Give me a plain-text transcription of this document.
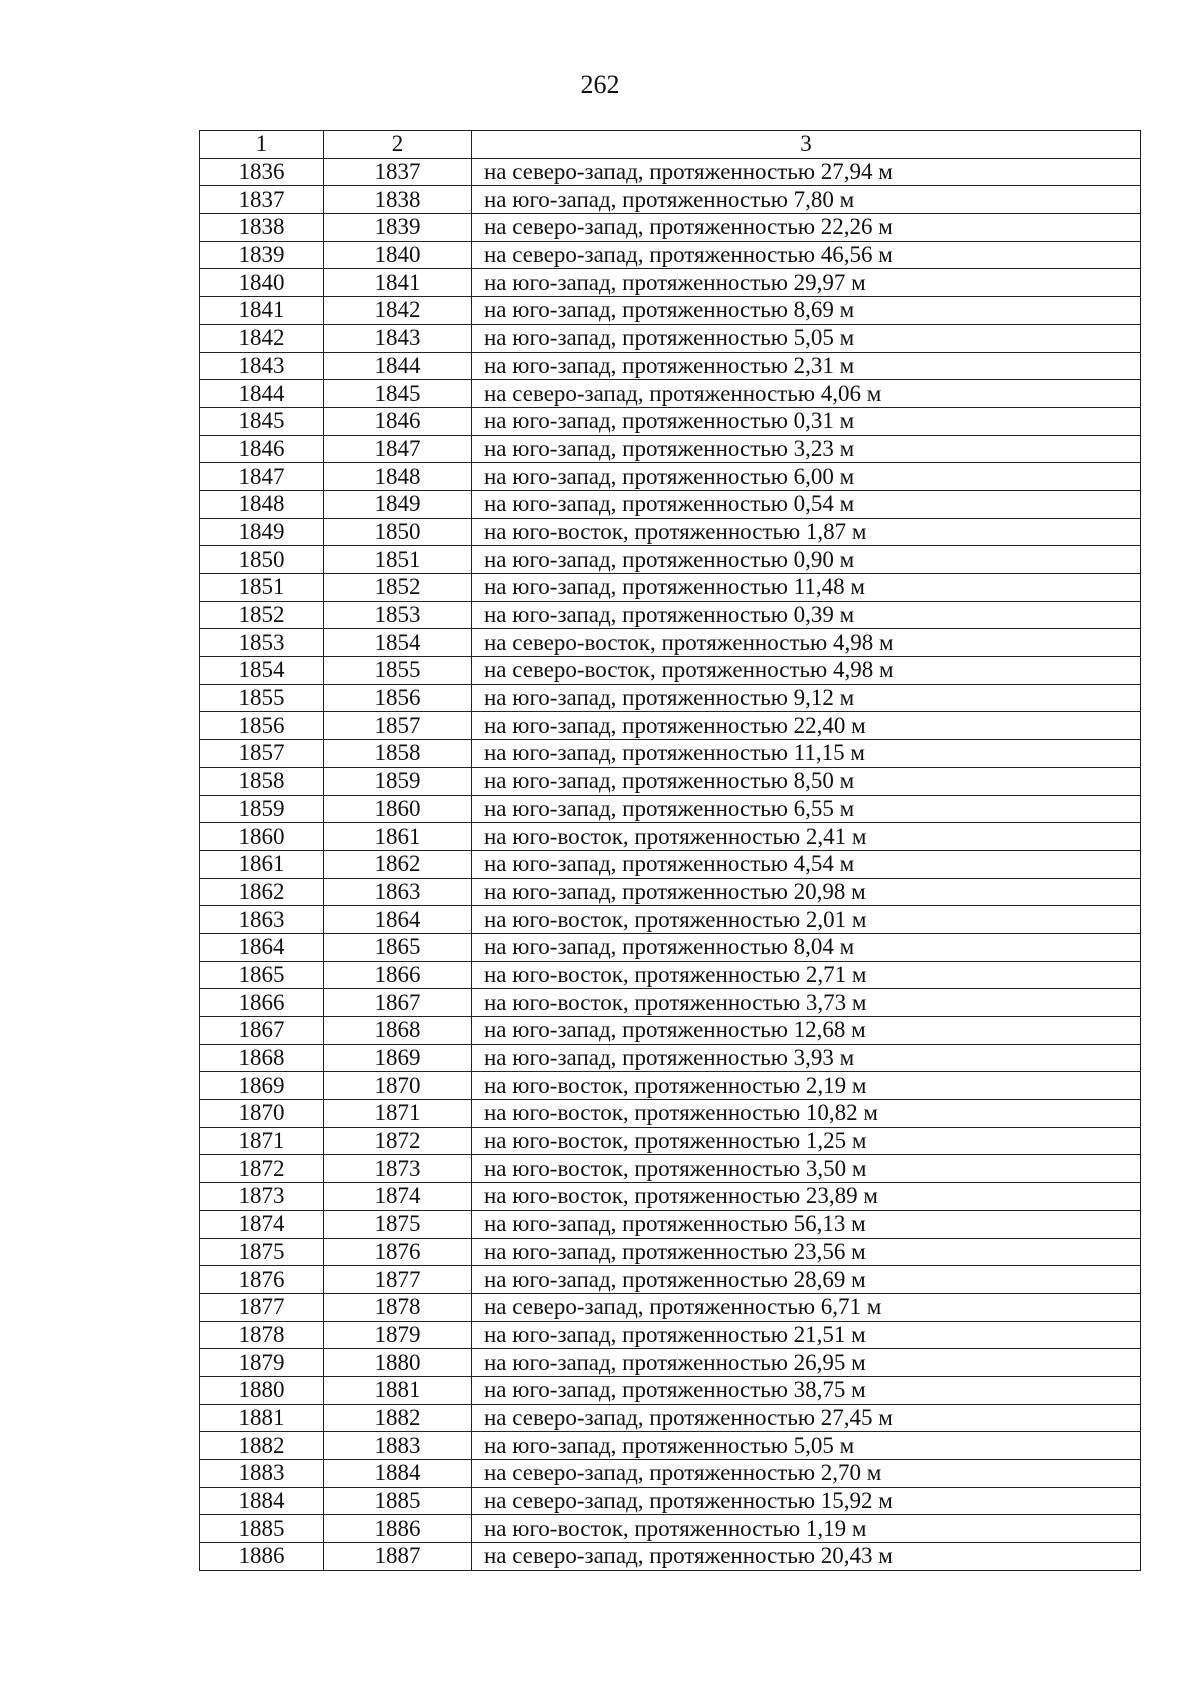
262
1	2	3
1836	1837	на северо-запад, протяженностью 27,94 м
1837	1838	на юго-запад, протяженностью 7,80 м
1838	1839	на северо-запад, протяженностью 22,26 м
1839	1840	на северо-запад, протяженностью 46,56 м
1840	1841	на юго-запад, протяженностью 29,97 м
1841	1842	на юго-запад, протяженностью 8,69 м
1842	1843	на юго-запад, протяженностью 5,05 м
1843	1844	на юго-запад, протяженностью 2,31 м
1844	1845	на северо-запад, протяженностью 4,06 м
1845	1846	на юго-запад, протяженностью 0,31 м
1846	1847	на юго-запад, протяженностью 3,23 м
1847	1848	на юго-запад, протяженностью 6,00 м
1848	1849	на юго-запад, протяженностью 0,54 м
1849	1850	на юго-восток, протяженностью 1,87 м
1850	1851	на юго-запад, протяженностью 0,90 м
1851	1852	на юго-запад, протяженностью 11,48 м
1852	1853	на юго-запад, протяженностью 0,39 м
1853	1854	на северо-восток, протяженностью 4,98 м
1854	1855	на северо-восток, протяженностью 4,98 м
1855	1856	на юго-запад, протяженностью 9,12 м
1856	1857	на юго-запад, протяженностью 22,40 м
1857	1858	на юго-запад, протяженностью 11,15 м
1858	1859	на юго-запад, протяженностью 8,50 м
1859	1860	на юго-запад, протяженностью 6,55 м
1860	1861	на юго-восток, протяженностью 2,41 м
1861	1862	на юго-запад, протяженностью 4,54 м
1862	1863	на юго-запад, протяженностью 20,98 м
1863	1864	на юго-восток, протяженностью 2,01 м
1864	1865	на юго-запад, протяженностью 8,04 м
1865	1866	на юго-восток, протяженностью 2,71 м
1866	1867	на юго-восток, протяженностью 3,73 м
1867	1868	на юго-запад, протяженностью 12,68 м
1868	1869	на юго-запад, протяженностью 3,93 м
1869	1870	на юго-восток, протяженностью 2,19 м
1870	1871	на юго-восток, протяженностью 10,82 м
1871	1872	на юго-восток, протяженностью 1,25 м
1872	1873	на юго-восток, протяженностью 3,50 м
1873	1874	на юго-восток, протяженностью 23,89 м
1874	1875	на юго-запад, протяженностью 56,13 м
1875	1876	на юго-запад, протяженностью 23,56 м
1876	1877	на юго-запад, протяженностью 28,69 м
1877	1878	на северо-запад, протяженностью 6,71 м
1878	1879	на юго-запад, протяженностью 21,51 м
1879	1880	на юго-запад, протяженностью 26,95 м
1880	1881	на юго-запад, протяженностью 38,75 м
1881	1882	на северо-запад, протяженностью 27,45 м
1882	1883	на юго-запад, протяженностью 5,05 м
1883	1884	на северо-запад, протяженностью 2,70 м
1884	1885	на северо-запад, протяженностью 15,92 м
1885	1886	на юго-восток, протяженностью 1,19 м
1886	1887	на северо-запад, протяженностью 20,43 м
